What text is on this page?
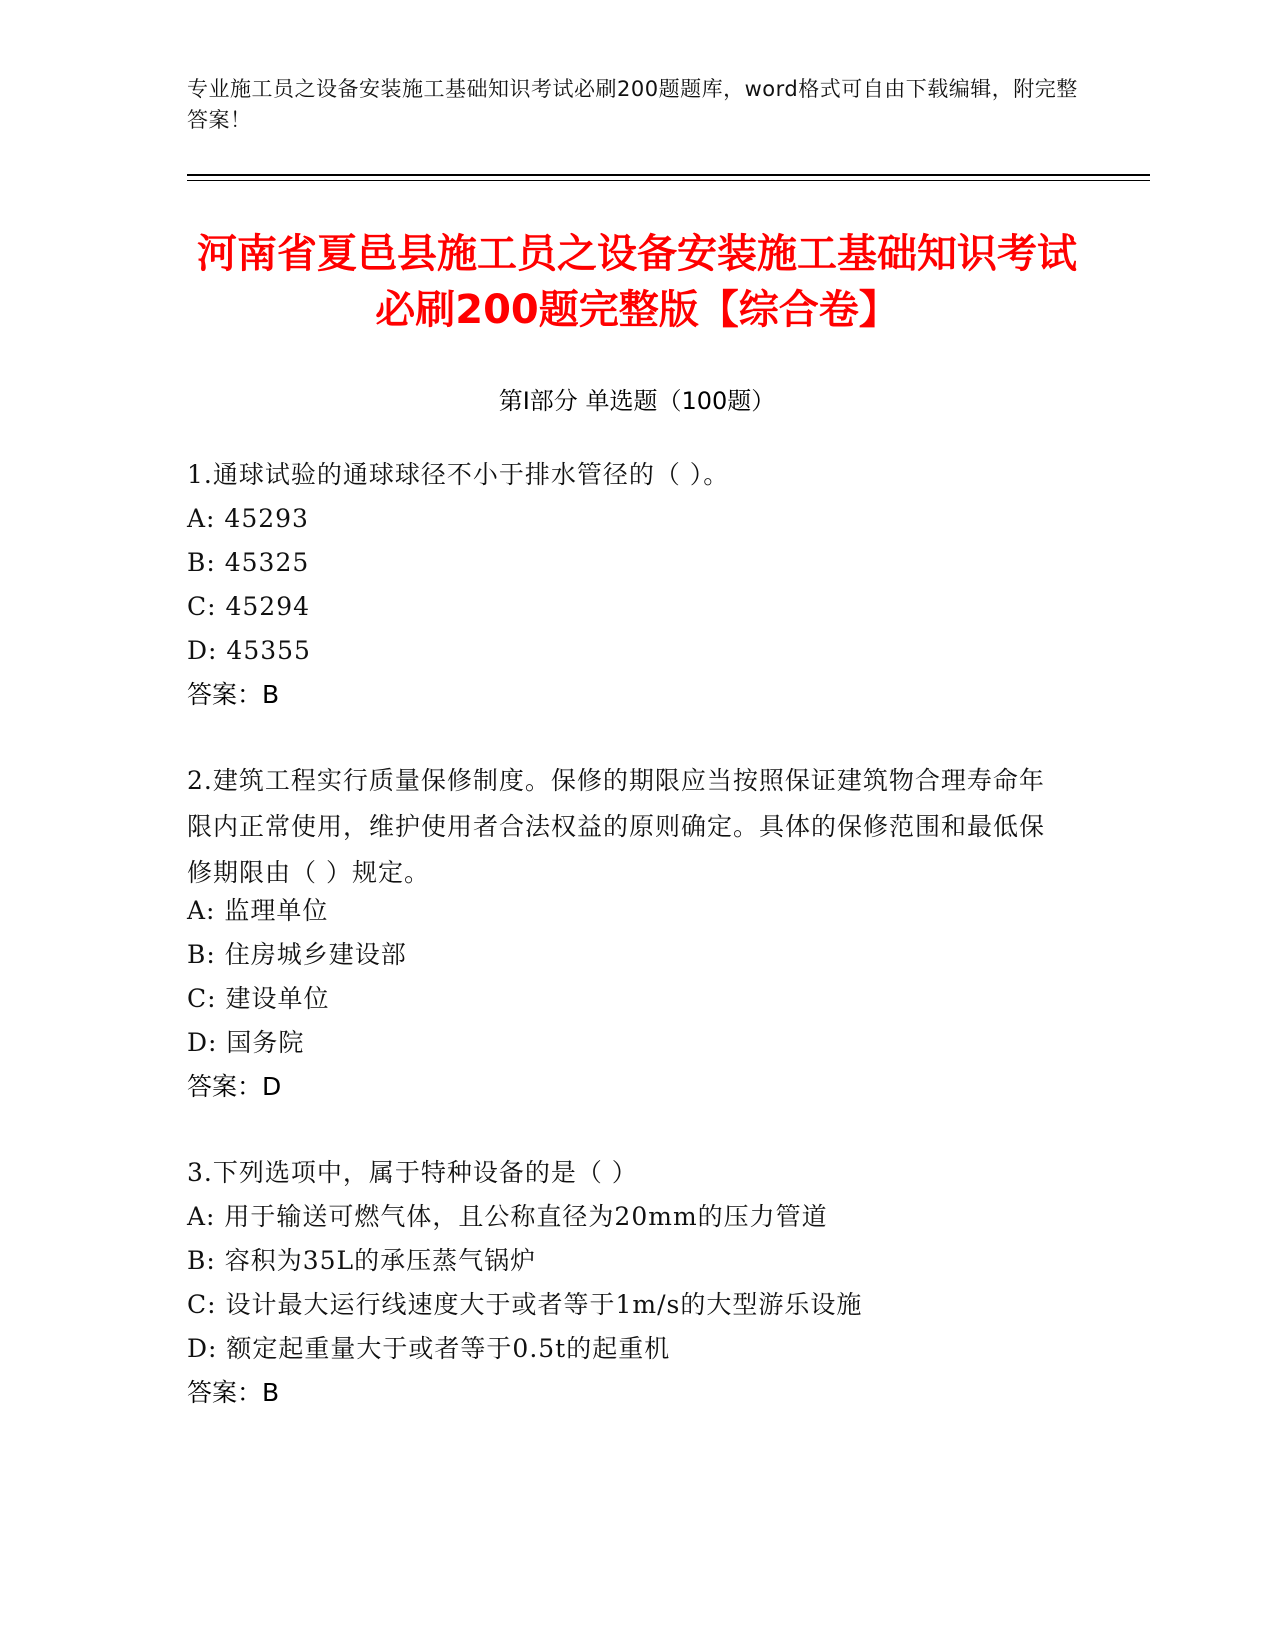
专业施工员之设备安装施工基础知识考试必刷200题题库，word格式可自由下载编辑，附完整答案！
河南省夏邑县施工员之设备安装施工基础知识考试必刷200题完整版【综合卷】
第I部分 单选题（100题）
1.通球试验的通球球径不小于排水管径的（ ）。
A: 45293
B: 45325
C: 45294
D: 45355
答案：B
2.建筑工程实行质量保修制度。保修的期限应当按照保证建筑物合理寿命年限内正常使用，维护使用者合法权益的原则确定。具体的保修范围和最低保修期限由（ ）规定。
A: 监理单位
B: 住房城乡建设部
C: 建设单位
D: 国务院
答案：D
3.下列选项中，属于特种设备的是（ ）
A: 用于输送可燃气体，且公称直径为20mm的压力管道
B: 容积为35L的承压蒸气锅炉
C: 设计最大运行线速度大于或者等于1m/s的大型游乐设施
D: 额定起重量大于或者等于0.5t的起重机
答案：B
